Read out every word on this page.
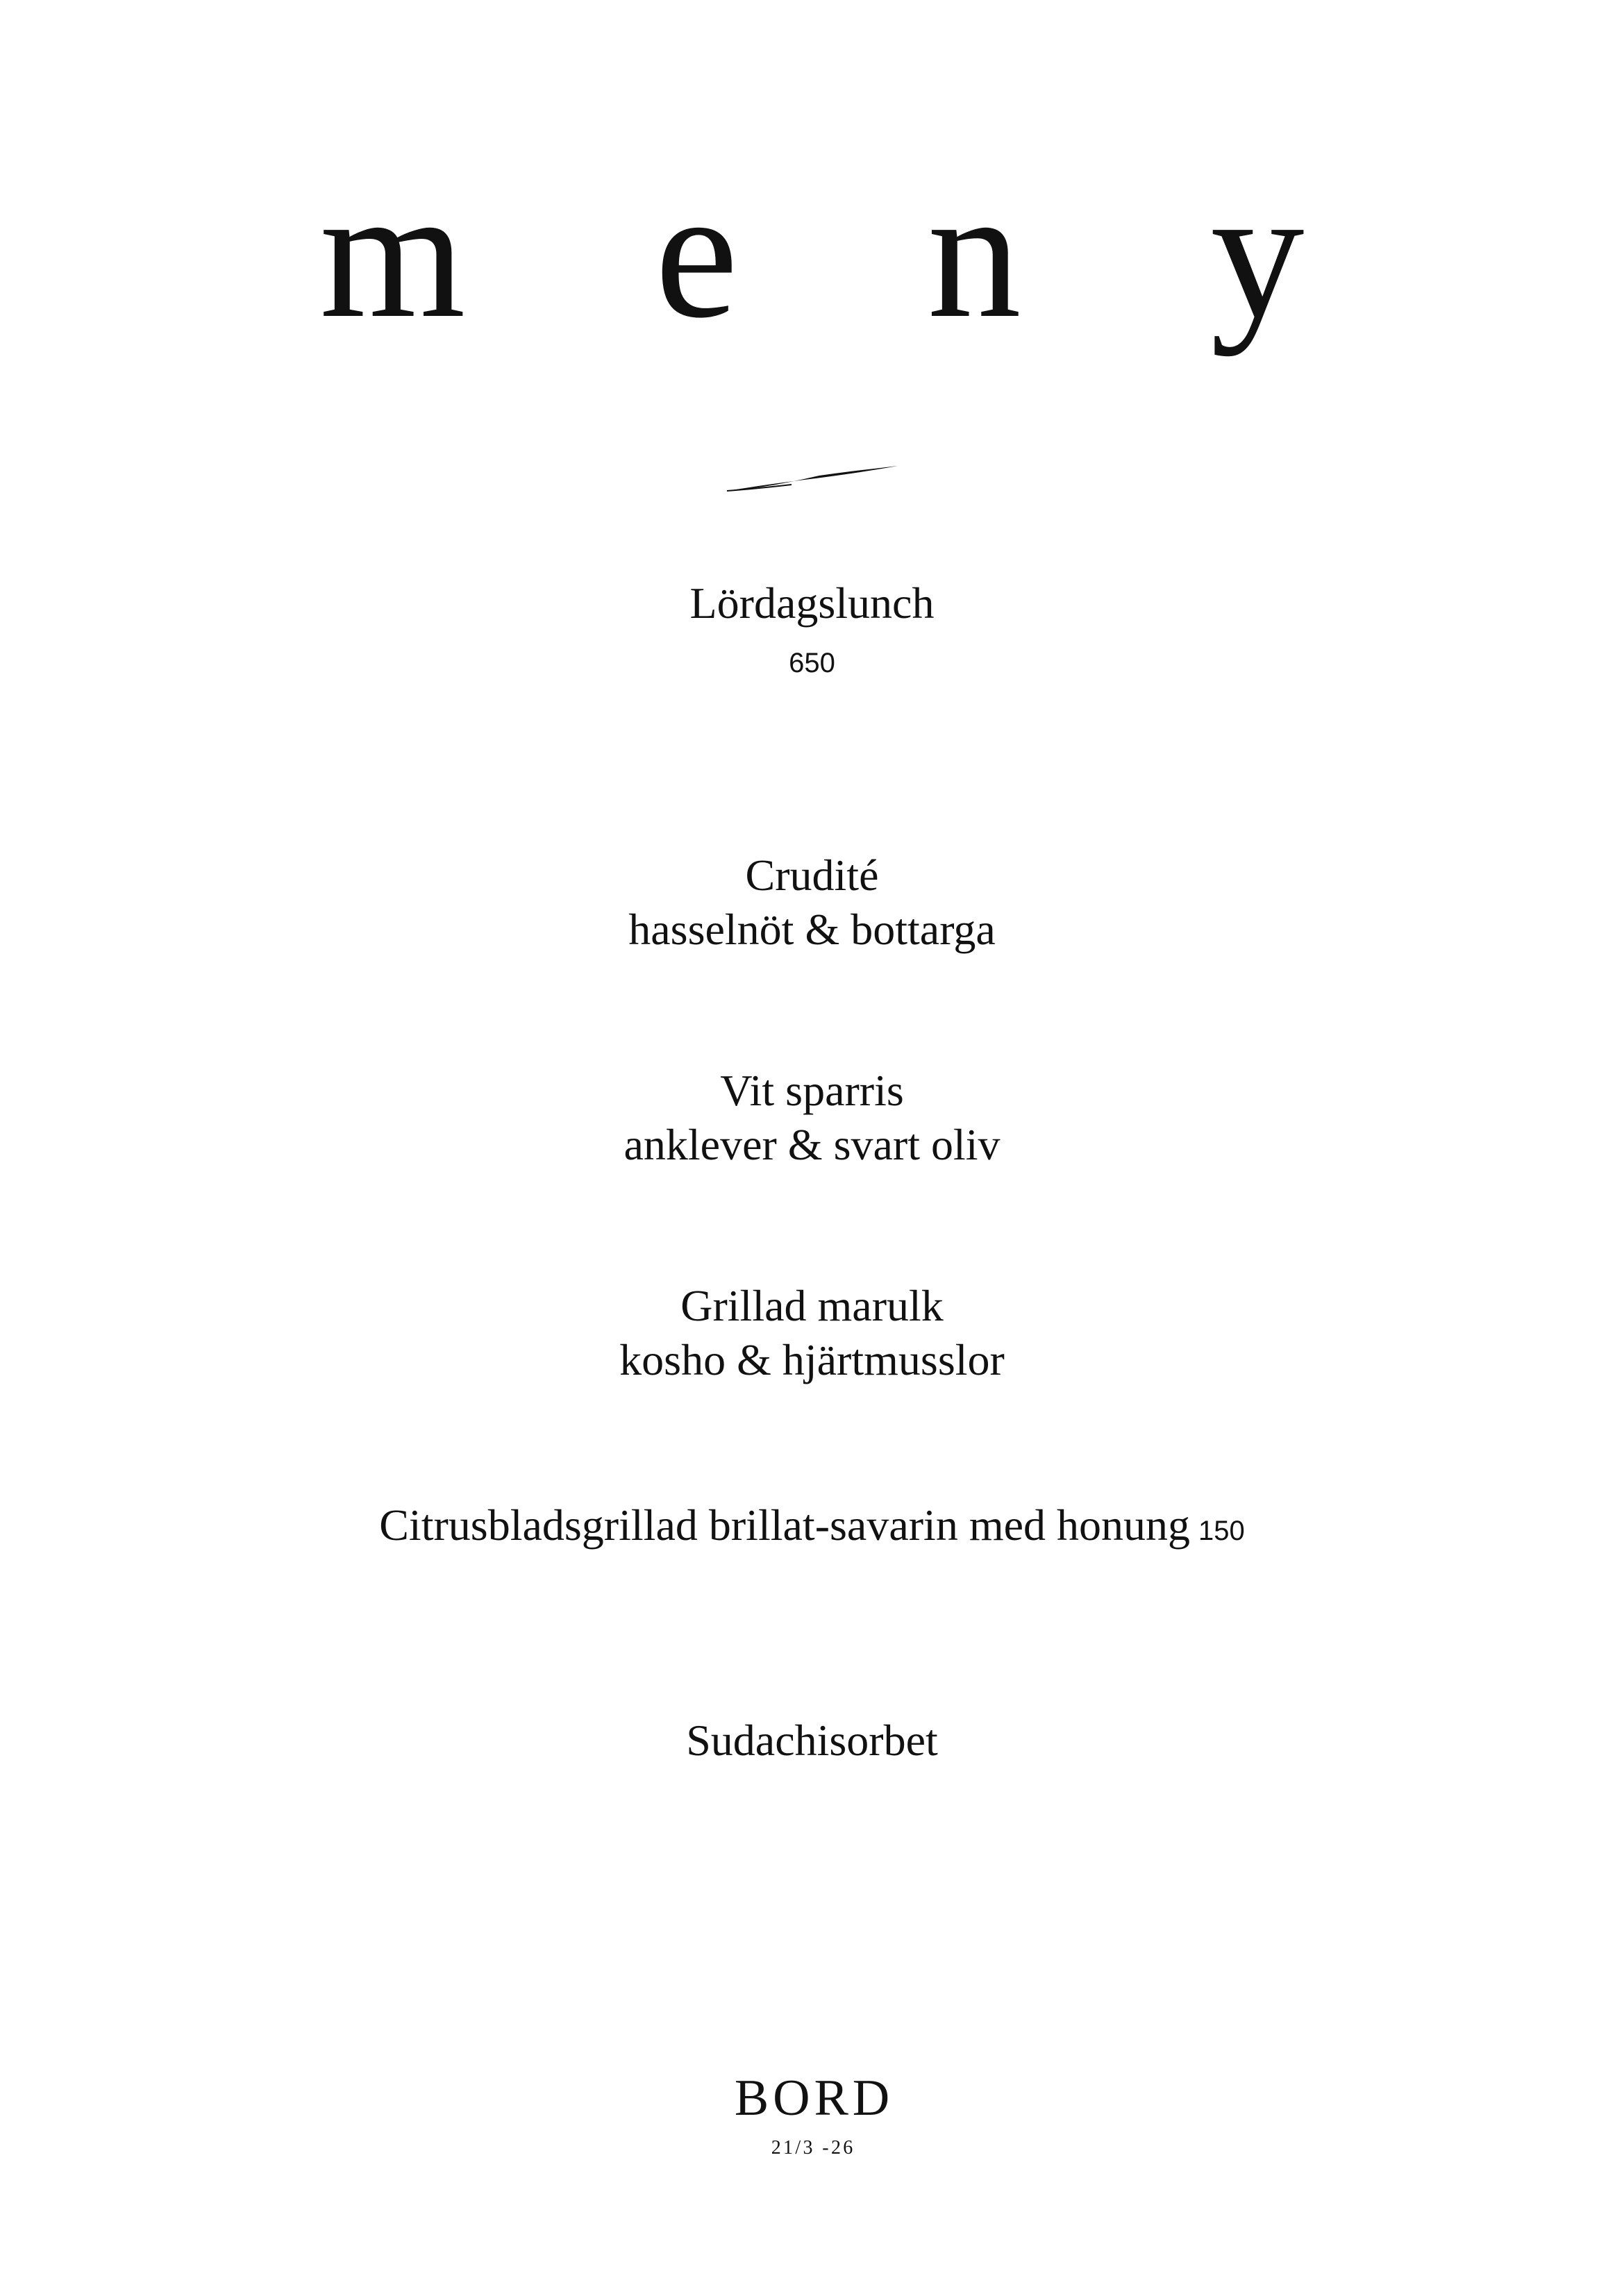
m e n y
Lördagslunch
650
Crudité
hasselnöt & bottarga
Vit sparris
anklever & svart oliv
Grillad marulk
kosho & hjärtmusslor
Citrusbladsgrillad brillat-savarin med honung 150
Sudachisorbet
BORD
21/3 -26
